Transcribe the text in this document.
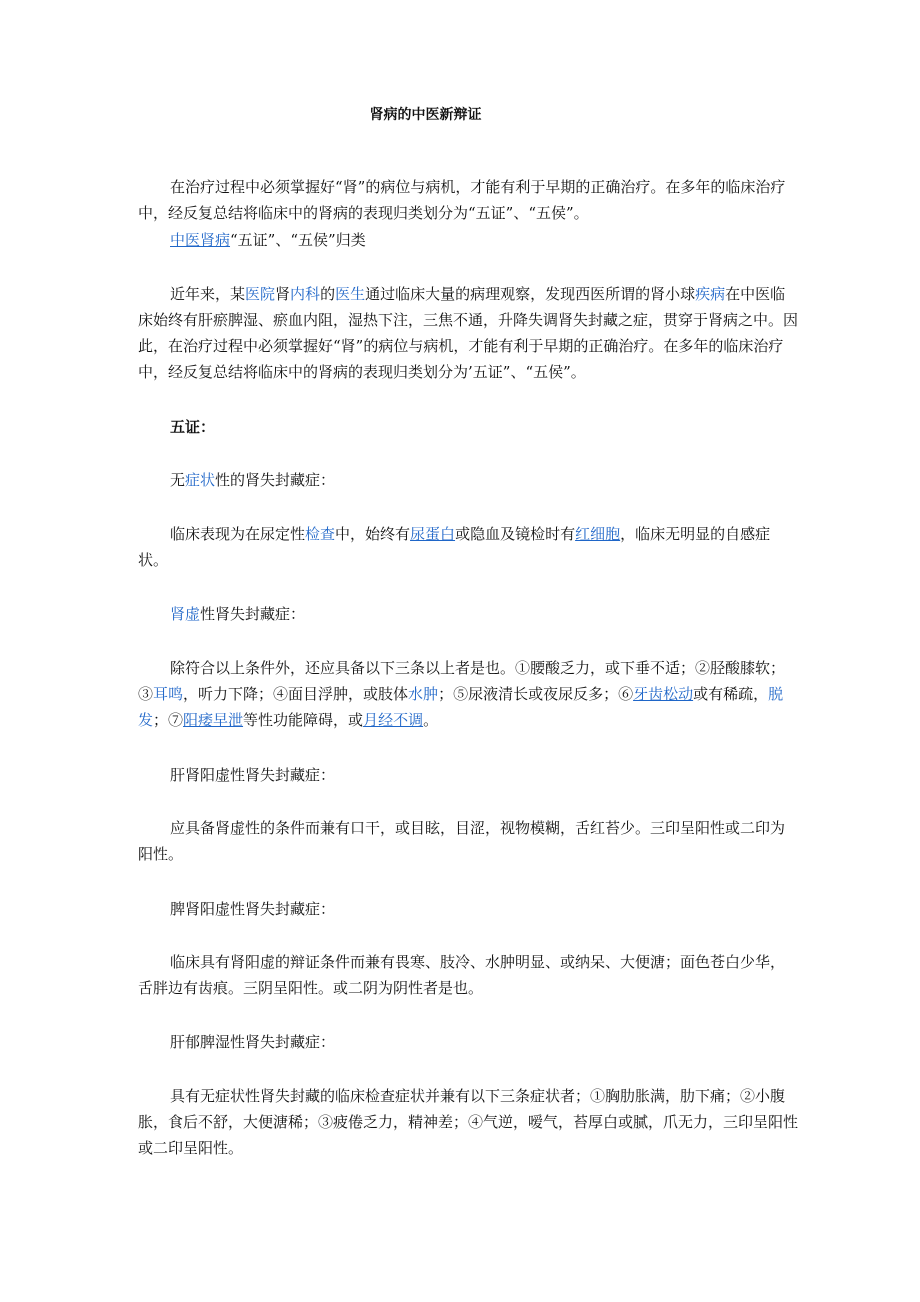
肾病的中医新辩证

在治疗过程中必须掌握好“肾”的病位与病机，才能有利于早期的正确治疗。在多年的临床治疗中，经反复总结将临床中的肾病的表现归类划分为“五证”、“五侯”。

中医肾病“五证”、“五侯”归类

近年来，某医院肾内科的医生通过临床大量的病理观察，发现西医所谓的肾小球疾病在中医临床始终有肝瘀脾湿、瘀血内阻，湿热下注，三焦不通，升降失调肾失封藏之症，贯穿于肾病之中。因此，在治疗过程中必须掌握好“肾”的病位与病机，才能有利于早期的正确治疗。在多年的临床治疗中，经反复总结将临床中的肾病的表现归类划分为’五证”、“五侯”。

五证：

无症状性的肾失封藏症：

临床表现为在尿定性检查中，始终有尿蛋白或隐血及镜检时有红细胞，临床无明显的自感症状。

肾虚性肾失封藏症：

除符合以上条件外，还应具备以下三条以上者是也。①腰酸乏力，或下垂不适；②胫酸膝软；③耳鸣，听力下降；④面目浮肿，或肢体水肿；⑤尿液清长或夜尿反多；⑥牙齿松动或有稀疏，脱发；⑦阳痿早泄等性功能障碍，或月经不调。

肝肾阳虚性肾失封藏症：

应具备肾虚性的条件而兼有口干，或目眩，目涩，视物模糊，舌红苔少。三印呈阳性或二印为阳性。

脾肾阳虚性肾失封藏症：

临床具有肾阳虚的辩证条件而兼有畏寒、肢冷、水肿明显、或纳呆、大便溏；面色苍白少华，舌胖边有齿痕。三阴呈阳性。或二阴为阴性者是也。

肝郁脾湿性肾失封藏症：

具有无症状性肾失封藏的临床检查症状并兼有以下三条症状者；①胸肋胀满，肋下痛；②小腹胀，食后不舒，大便溏稀；③疲倦乏力，精神差；④气逆，嗳气，苔厚白或腻，爪无力，三印呈阳性或二印呈阳性。
